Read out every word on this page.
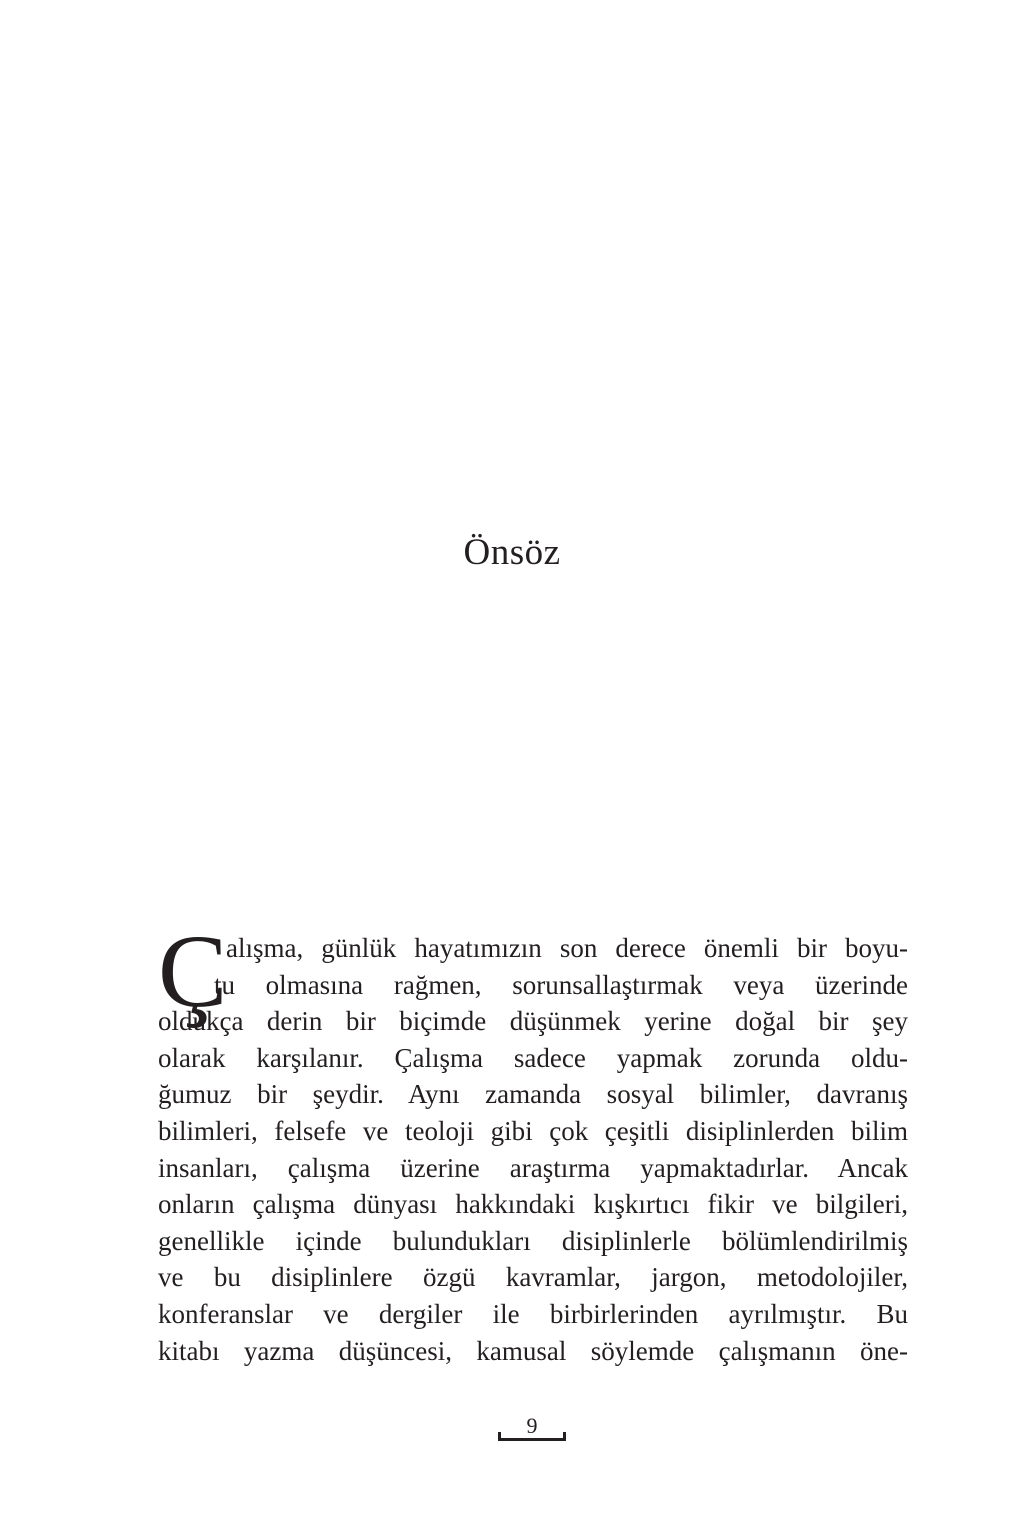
Önsöz
Ç
alışma, günlük hayatımızın son derece önemli bir boyu-
tu olmasına rağmen, sorunsallaştırmak veya üzerinde
oldukça derin bir biçimde düşünmek yerine doğal bir şey
olarak karşılanır. Çalışma sadece yapmak zorunda oldu-
ğumuz bir şeydir. Aynı zamanda sosyal bilimler, davranış
bilimleri, felsefe ve teoloji gibi çok çeşitli disiplinlerden bilim
insanları, çalışma üzerine araştırma yapmaktadırlar. Ancak
onların çalışma dünyası hakkındaki kışkırtıcı fikir ve bilgileri,
genellikle içinde bulundukları disiplinlerle bölümlendirilmiş
ve bu disiplinlere özgü kavramlar, jargon, metodolojiler,
konferanslar ve dergiler ile birbirlerinden ayrılmıştır. Bu
kitabı yazma düşüncesi, kamusal söylemde çalışmanın öne-
9
